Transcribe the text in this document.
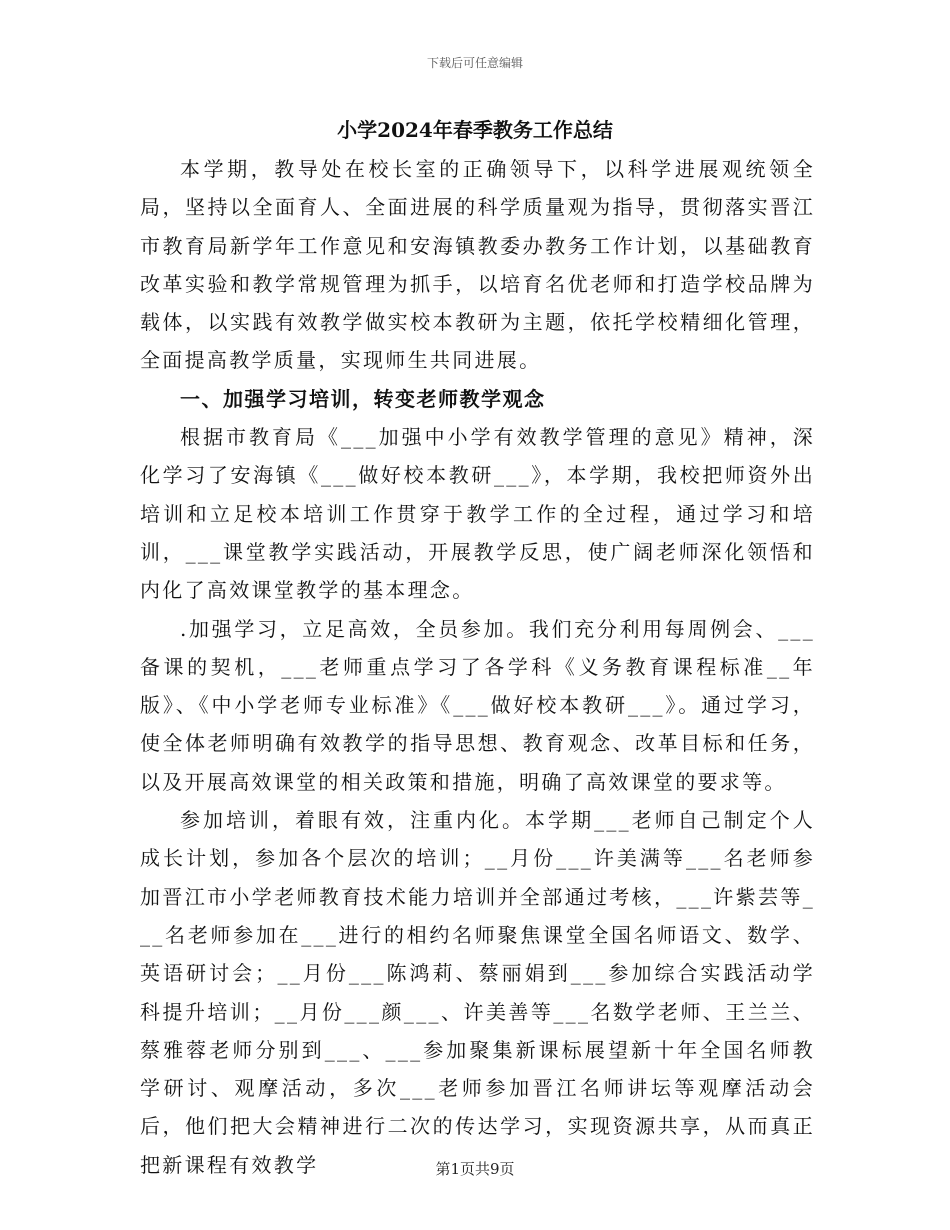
下载后可任意编辑
小学2024年春季教务工作总结

本学期，教导处在校长室的正确领导下，以科学进展观统领全局，坚持以全面育人、全面进展的科学质量观为指导，贯彻落实晋江市教育局新学年工作意见和安海镇教委办教务工作计划，以基础教育改革实验和教学常规管理为抓手，以培育名优老师和打造学校品牌为载体，以实践有效教学做实校本教研为主题，依托学校精细化管理，全面提高教学质量，实现师生共同进展。

一、加强学习培训，转变老师教学观念

根据市教育局《___加强中小学有效教学管理的意见》精神，深化学习了安海镇《___做好校本教研___》，本学期，我校把师资外出培训和立足校本培训工作贯穿于教学工作的全过程，通过学习和培训，___课堂教学实践活动，开展教学反思，使广阔老师深化领悟和内化了高效课堂教学的基本理念。

.加强学习，立足高效，全员参加。我们充分利用每周例会、___备课的契机，___老师重点学习了各学科《义务教育课程标准__年版》、《中小学老师专业标准》《___做好校本教研___》。通过学习，使全体老师明确有效教学的指导思想、教育观念、改革目标和任务，以及开展高效课堂的相关政策和措施，明确了高效课堂的要求等。

参加培训，着眼有效，注重内化。本学期___老师自己制定个人成长计划，参加各个层次的培训；__月份___许美满等___名老师参加晋江市小学老师教育技术能力培训并全部通过考核，___许紫芸等___名老师参加在___进行的相约名师聚焦课堂全国名师语文、数学、英语研讨会；__月份___陈鸿莉、蔡丽娟到___参加综合实践活动学科提升培训；__月份___颜___、许美善等___名数学老师、王兰兰、蔡雅蓉老师分别到___、___参加聚集新课标展望新十年全国名师教学研讨、观摩活动，多次___老师参加晋江名师讲坛等观摩活动会后，他们把大会精神进行二次的传达学习，实现资源共享，从而真正把新课程有效教学	第1页共9页
